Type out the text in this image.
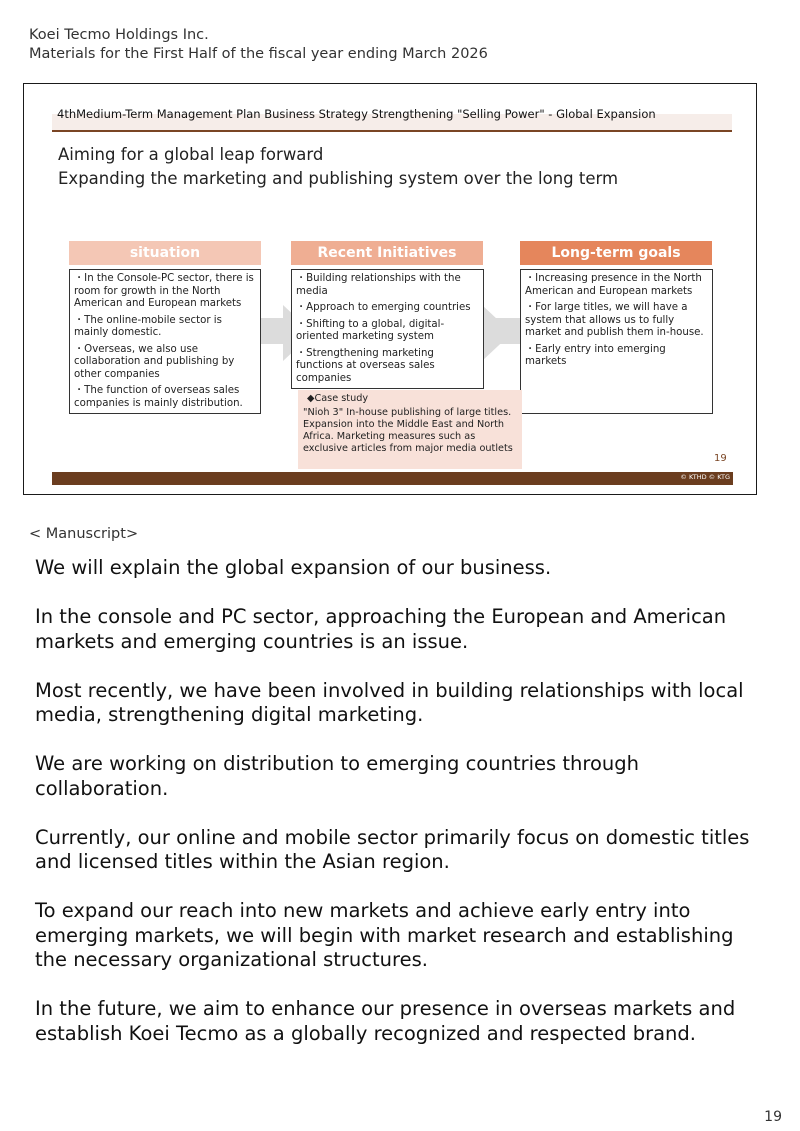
Koei Tecmo Holdings Inc.
Materials for the First Half of the fiscal year ending March 2026
4thMedium-Term Management Plan Business Strategy Strengthening "Selling Power" - Global Expansion
Aiming for a global leap forward
Expanding the marketing and publishing system over the long term
situation	Recent Initiatives	Long-term goals

・In the Console-PC sector, there is room for growth in the North American and European markets

・The online-mobile sector is mainly domestic.

・Overseas, we also use collaboration and publishing by other companies

・The function of overseas sales companies is mainly distribution.

・Building relationships with the media

・Approach to emerging countries

・Shifting to a global, digital-oriented marketing system

・Strengthening marketing functions at overseas sales companies

・Increasing presence in the North American and European markets

・For large titles, we will have a system that allows us to fully market and publish them in-house.

・Early entry into emerging markets

◆Case study
"Nioh 3" In-house publishing of large titles. Expansion into the Middle East and North Africa. Marketing measures such as exclusive articles from major media outlets
19
© KTHD © KTG
< Manuscript>

We will explain the global expansion of our business.

In the console and PC sector, approaching the European and American markets and emerging countries is an issue.

Most recently, we have been involved in building relationships with local media, strengthening digital marketing.

We are working on distribution to emerging countries through collaboration.

Currently, our online and mobile sector primarily focus on domestic titles and licensed titles within the Asian region.

To expand our reach into new markets and achieve early entry into emerging markets, we will begin with market research and establishing the necessary organizational structures.

In the future, we aim to enhance our presence in overseas markets and establish Koei Tecmo as a globally recognized and respected brand.

19
